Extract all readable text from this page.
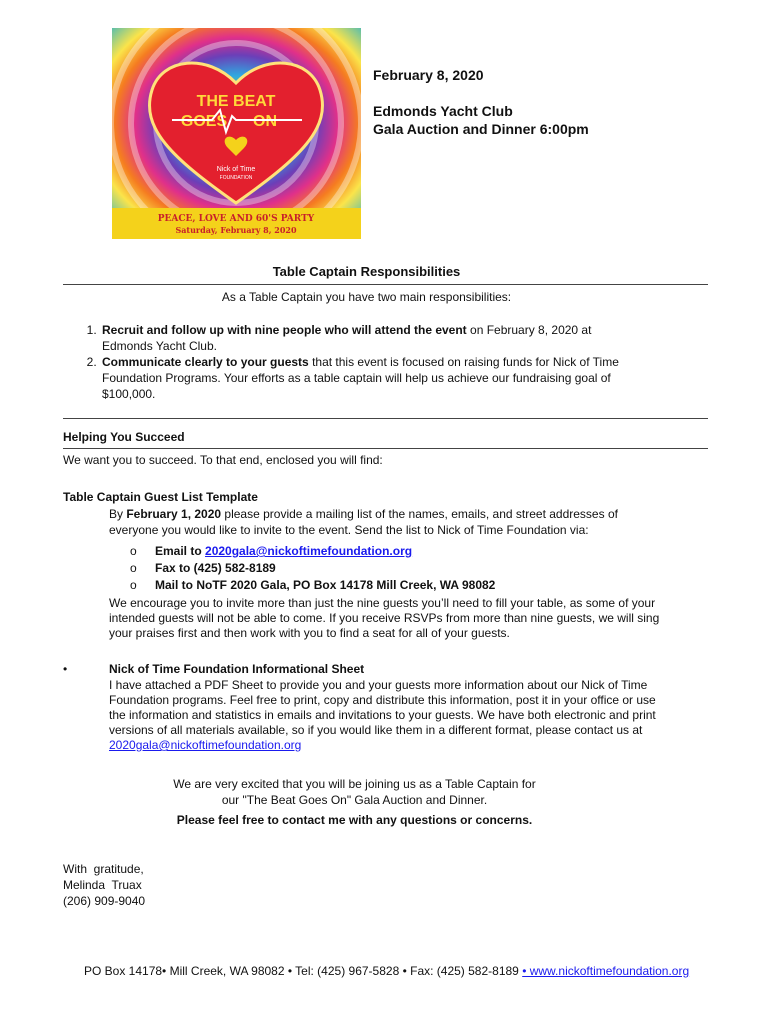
THE BEAT
GOES ON
Nick of Time
FOUNDATION
PEACE, LOVE AND 60'S PARTY
Saturday, February 8, 2020
February 8, 2020
Edmonds Yacht Club
Gala Auction and Dinner 6:00pm
Table Captain Responsibilities
As a Table Captain you have two main responsibilities:
1. Recruit and follow up with nine people who will attend the event on February 8, 2020 at Edmonds Yacht Club.
2. Communicate clearly to your guests that this event is focused on raising funds for Nick of Time Foundation Programs. Your efforts as a table captain will help us achieve our fundraising goal of $100,000.
Helping You Succeed
We want you to succeed. To that end, enclosed you will find:
Table Captain Guest List Template
By February 1, 2020 please provide a mailing list of the names, emails, and street addresses of
everyone you would like to invite to the event. Send the list to Nick of Time Foundation via:
o Email to 2020gala@nickoftimefoundation.org
o Fax to (425) 582-8189
o Mail to NoTF 2020 Gala, PO Box 14178 Mill Creek, WA 98082
We encourage you to invite more than just the nine guests you’ll need to fill your table, as some of your
intended guests will not be able to come. If you receive RSVPs from more than nine guests, we will sing
your praises first and then work with you to find a seat for all of your guests.
•	Nick of Time Foundation Informational Sheet
I have attached a PDF Sheet to provide you and your guests more information about our Nick of Time
Foundation programs. Feel free to print, copy and distribute this information, post it in your office or use
the information and statistics in emails and invitations to your guests. We have both electronic and print
versions of all materials available, so if you would like them in a different format, please contact us at
2020gala@nickoftimefoundation.org
We are very excited that you will be joining us as a Table Captain for
our "The Beat Goes On" Gala Auction and Dinner.
Please feel free to contact me with any questions or concerns.
With  gratitude,
Melinda  Truax
(206) 909-9040
PO Box 14178• Mill Creek, WA 98082 • Tel: (425) 967-5828 • Fax: (425) 582-8189 • www.nickoftimefoundation.org
